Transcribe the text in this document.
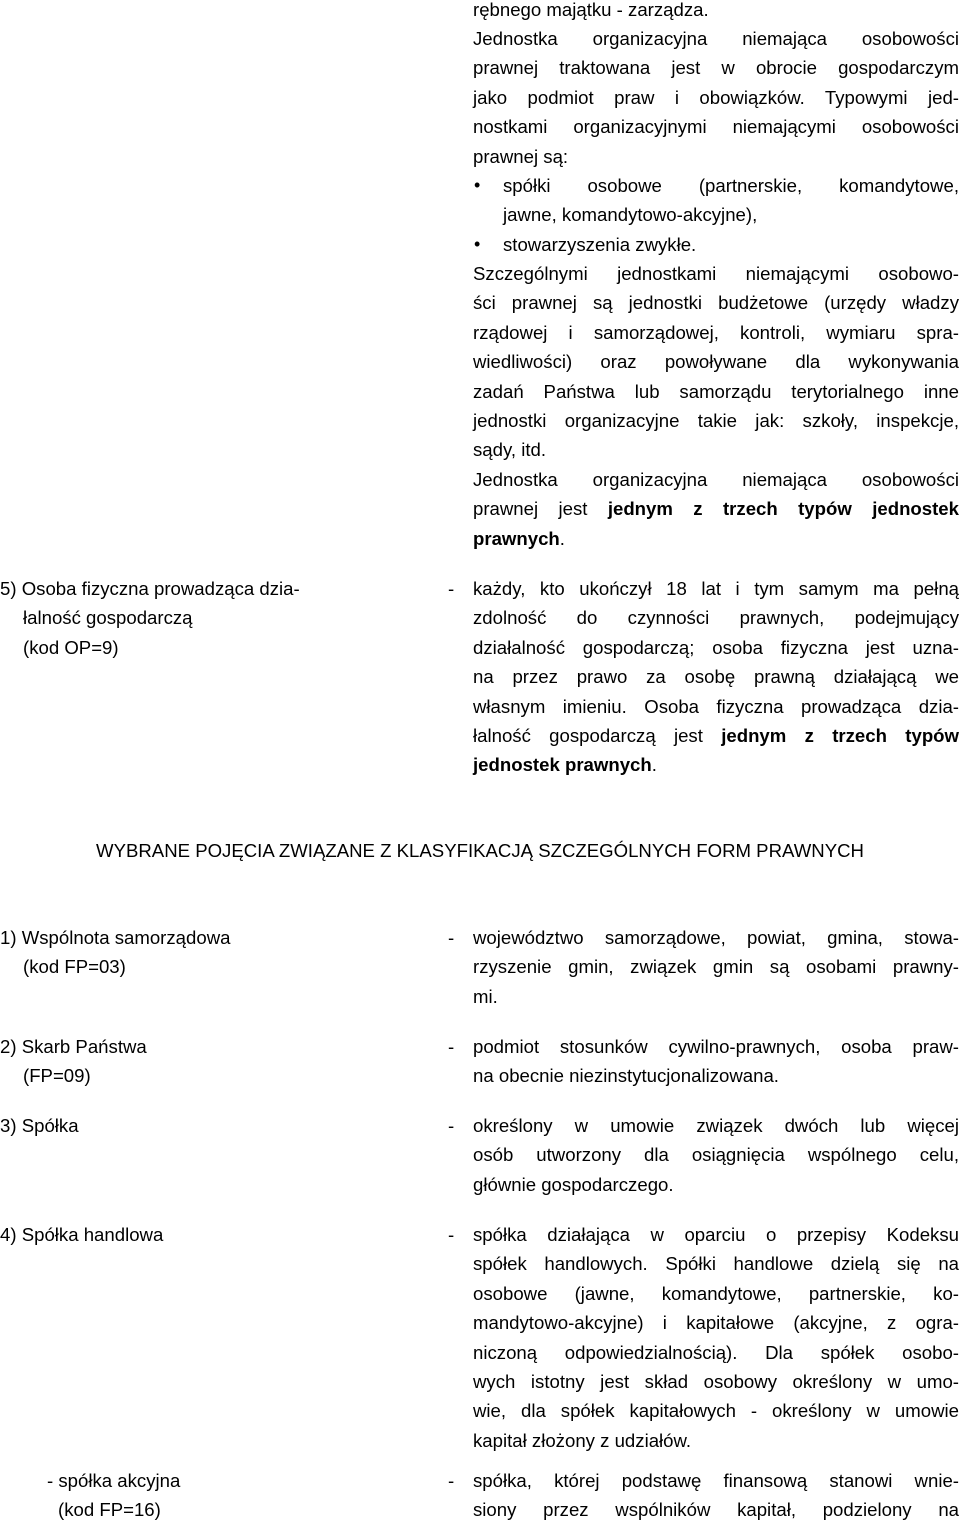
rębnego majątku - zarządza.

Jednostka organizacyjna niemająca osobowości

prawnej traktowana jest w obrocie gospodarczym

jako podmiot praw i obowiązków. Typowymi jed-

nostkami organizacyjnymi niemającymi osobowości

prawnej są:

• spółki osobowe (partnerskie, komandytowe,

jawne, komandytowo-akcyjne),

• stowarzyszenia zwykłe.

Szczególnymi jednostkami niemającymi osobowo-

ści prawnej są jednostki budżetowe (urzędy władzy

rządowej i samorządowej, kontroli, wymiaru spra-

wiedliwości) oraz powoływane dla wykonywania

zadań Państwa lub samorządu terytorialnego inne

jednostki organizacyjne takie jak: szkoły, inspekcje,

sądy, itd.

Jednostka organizacyjna niemająca osobowości

prawnej jest jednym z trzech typów jednostek

prawnych.

5) Osoba fizyczna prowadząca dzia-

łalność gospodarczą

(kod OP=9)

- każdy, kto ukończył 18 lat i tym samym ma pełną

zdolność do czynności prawnych, podejmujący

działalność gospodarczą; osoba fizyczna jest uzna-

na przez prawo za osobę prawną działającą we

własnym imieniu. Osoba fizyczna prowadząca dzia-

łalność gospodarczą jest jednym z trzech typów

jednostek prawnych.

WYBRANE POJĘCIA ZWIĄZANE Z KLASYFIKACJĄ SZCZEGÓLNYCH FORM PRAWNYCH

1) Wspólnota samorządowa

(kod FP=03)

- województwo samorządowe, powiat, gmina, stowa-

rzyszenie gmin, związek gmin są osobami prawny-

mi.

2) Skarb Państwa

(FP=09)

- podmiot stosunków cywilno-prawnych, osoba praw-

na obecnie niezinstytucjonalizowana.

3) Spółka	- określony w umowie związek dwóch lub więcej

osób utworzony dla osiągnięcia wspólnego celu,

głównie gospodarczego.

4) Spółka handlowa	- spółka działająca w oparciu o przepisy Kodeksu

spółek handlowych. Spółki handlowe dzielą się na

osobowe (jawne, komandytowe, partnerskie, ko-

mandytowo-akcyjne) i kapitałowe (akcyjne, z ogra-

niczoną odpowiedzialnością). Dla spółek osobo-

wych istotny jest skład osobowy określony w umo-

wie, dla spółek kapitałowych - określony w umowie

kapitał złożony z udziałów.

- spółka akcyjna

(kod FP=16)

- spółka, której podstawę finansową stanowi wnie-

siony przez wspólników kapitał, podzielony na
